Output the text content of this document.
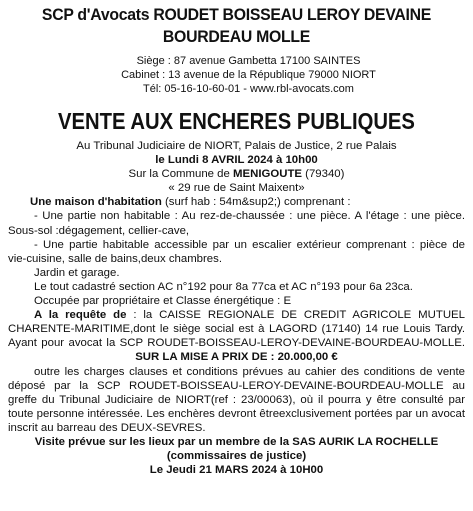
SCP d'Avocats ROUDET BOISSEAU LEROY DEVAINE
BOURDEAU MOLLE
Siège : 87 avenue Gambetta 17100 SAINTES
Cabinet : 13 avenue de la République 79000 NIORT
Tél: 05-16-10-60-01 - www.rbl-avocats.com
VENTE AUX ENCHERES PUBLIQUES
Au Tribunal Judiciaire de NIORT, Palais de Justice, 2 rue Palais
le Lundi 8 AVRIL 2024 à 10h00
Sur la Commune de MENIGOUTE (79340)
« 29 rue de Saint Maixent»
Une maison d'habitation (surf hab : 54m&sup2;) comprenant :
- Une partie non habitable : Au rez-de-chaussée : une pièce. A l'étage : une pièce.
Sous-sol :dégagement, cellier-cave,
- Une partie habitable accessible par un escalier extérieur comprenant : pièce de
vie-cuisine, salle de bains,deux chambres.
Jardin et garage.
Le tout cadastré section AC n°192 pour 8a 77ca et AC n°193 pour 6a 23ca.
Occupée par propriétaire et Classe énergétique : E
A la requête de : la CAISSE REGIONALE DE CREDIT AGRICOLE MUTUEL
CHARENTE-MARITIME,dont le siège social est à LAGORD (17140) 14 rue Louis Tardy.
Ayant pour avocat la SCP ROUDET-BOISSEAU-LEROY-DEVAINE-BOURDEAU-MOLLE.
SUR LA MISE A PRIX DE : 20.000,00 €
outre les charges clauses et conditions prévues au cahier des conditions de vente
déposé par la SCP ROUDET-BOISSEAU-LEROY-DEVAINE-BOURDEAU-MOLLE au
greffe du Tribunal Judiciaire de NIORT(ref : 23/00063), où il pourra y être consulté par
toute personne intéressée. Les enchères devront êtreexclusivement portées par un avocat
inscrit au barreau des DEUX-SEVRES.
Visite prévue sur les lieux par un membre de la SAS AURIK LA ROCHELLE
(commissaires de justice)
Le Jeudi 21 MARS 2024 à 10H00
